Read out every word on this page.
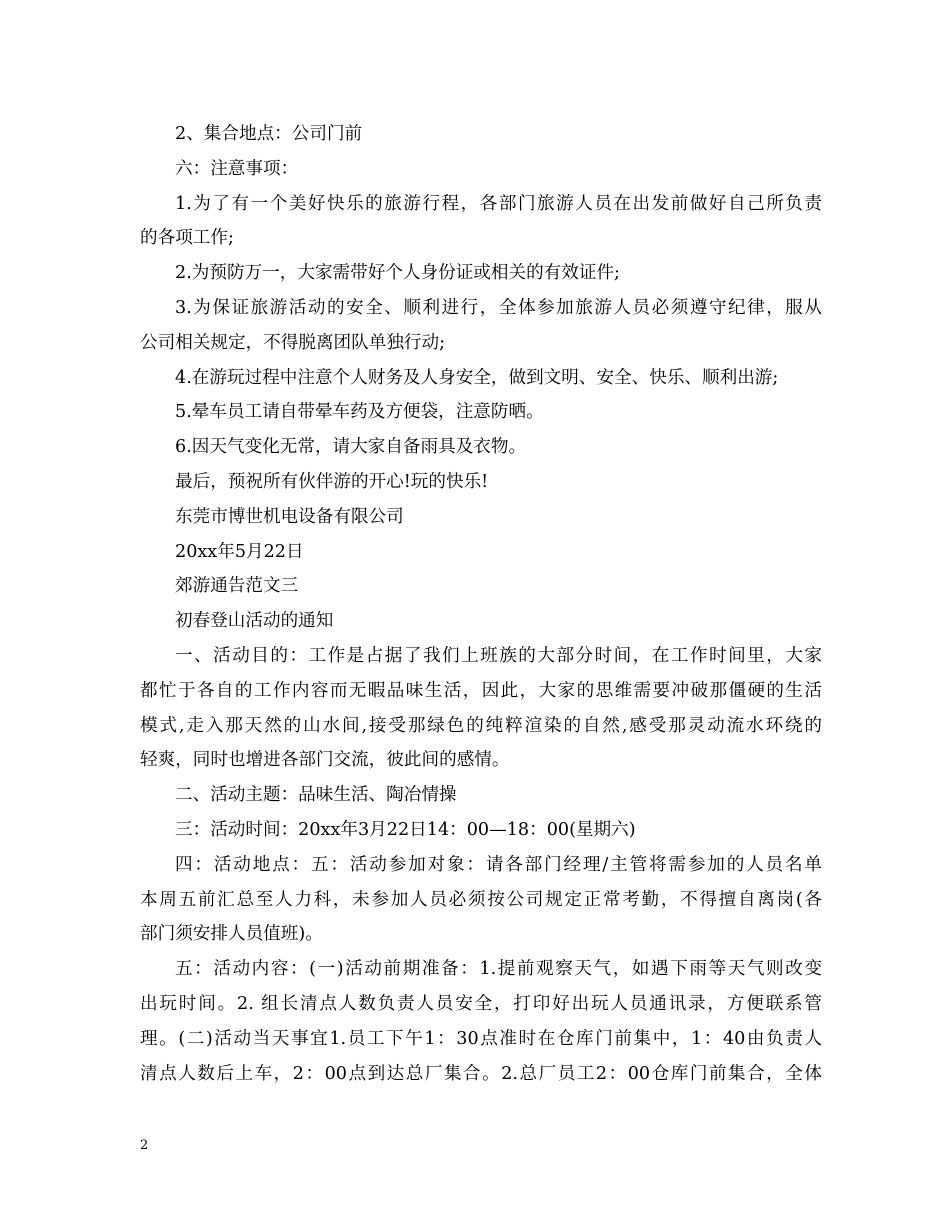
2、集合地点：公司门前
六：注意事项：
1.为了有一个美好快乐的旅游行程，各部门旅游人员在出发前做好自己所负责
的各项工作;
2.为预防万一，大家需带好个人身份证或相关的有效证件;
3.为保证旅游活动的安全、顺利进行，全体参加旅游人员必须遵守纪律，服从
公司相关规定，不得脱离团队单独行动;
4.在游玩过程中注意个人财务及人身安全，做到文明、安全、快乐、顺利出游;
5.晕车员工请自带晕车药及方便袋，注意防晒。
6.因天气变化无常，请大家自备雨具及衣物。
最后，预祝所有伙伴游的开心!玩的快乐!
东莞市博世机电设备有限公司
20xx年5月22日
郊游通告范文三
初春登山活动的通知
一、活动目的：工作是占据了我们上班族的大部分时间，在工作时间里，大家
都忙于各自的工作内容而无暇品味生活，因此，大家的思维需要冲破那僵硬的生活
模式,走入那天然的山水间,接受那绿色的纯粹渲染的自然,感受那灵动流水环绕的
轻爽，同时也增进各部门交流，彼此间的感情。
二、活动主题：品味生活、陶冶情操
三：活动时间：20xx年3月22日14：00—18：00(星期六)
四：活动地点：五：活动参加对象：请各部门经理/主管将需参加的人员名单
本周五前汇总至人力科，未参加人员必须按公司规定正常考勤，不得擅自离岗(各
部门须安排人员值班)。
五：活动内容：(一)活动前期准备：1.提前观察天气，如遇下雨等天气则改变
出玩时间。2. 组长清点人数负责人员安全，打印好出玩人员通讯录，方便联系管
理。(二)活动当天事宜1.员工下午1：30点准时在仓库门前集中，1：40由负责人
清点人数后上车，2：00点到达总厂集合。2.总厂员工2：00仓库门前集合，全体
2
